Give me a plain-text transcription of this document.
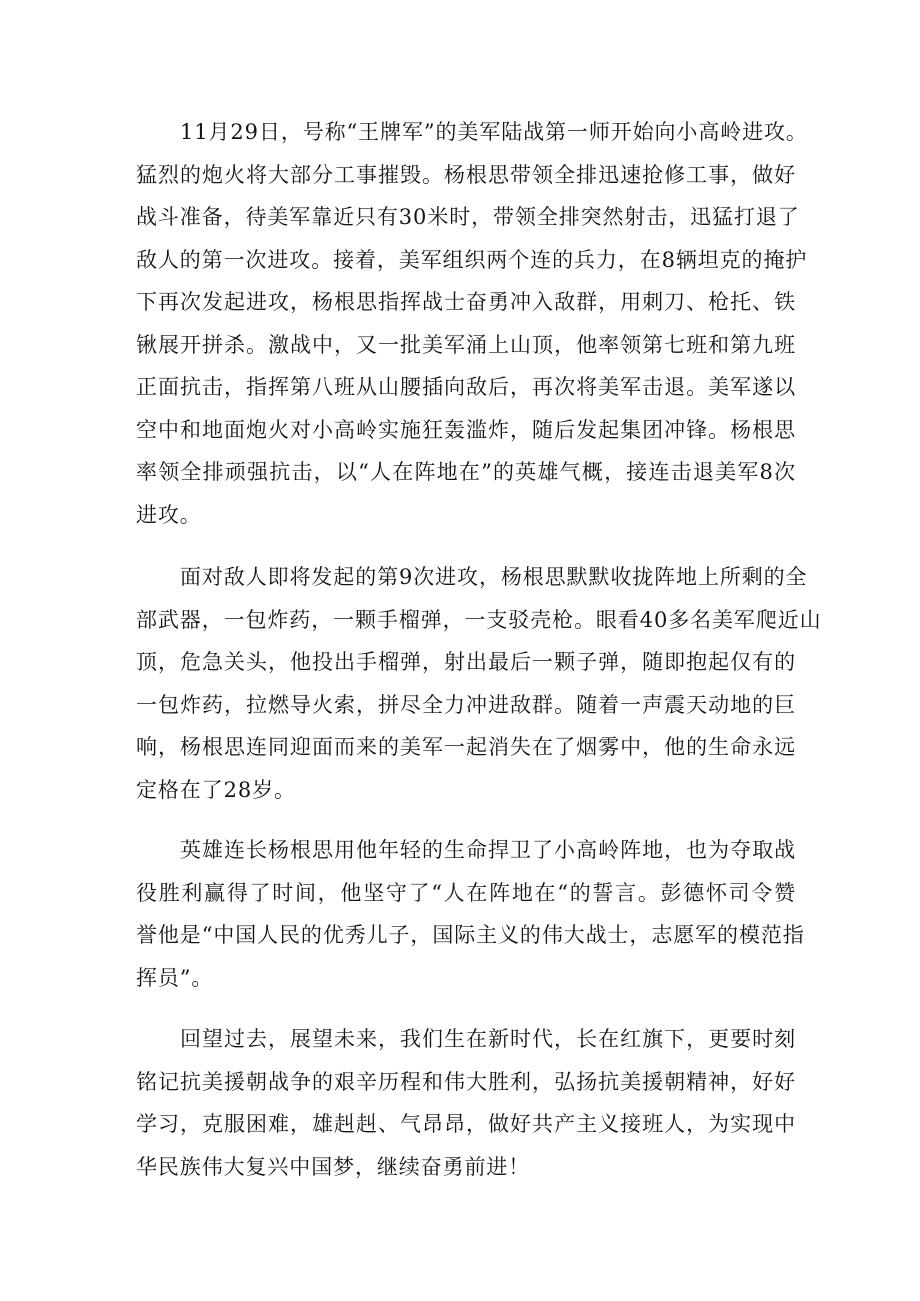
11月29日，号称“王牌军”的美军陆战第一师开始向小高岭进攻。
猛烈的炮火将大部分工事摧毁。杨根思带领全排迅速抢修工事，做好
战斗准备，待美军靠近只有30米时，带领全排突然射击，迅猛打退了
敌人的第一次进攻。接着，美军组织两个连的兵力，在8辆坦克的掩护
下再次发起进攻，杨根思指挥战士奋勇冲入敌群，用刺刀、枪托、铁
锹展开拼杀。激战中，又一批美军涌上山顶，他率领第七班和第九班
正面抗击，指挥第八班从山腰插向敌后，再次将美军击退。美军遂以
空中和地面炮火对小高岭实施狂轰滥炸，随后发起集团冲锋。杨根思
率领全排顽强抗击，以“人在阵地在”的英雄气概，接连击退美军8次
进攻。
面对敌人即将发起的第9次进攻，杨根思默默收拢阵地上所剩的全
部武器，一包炸药，一颗手榴弹，一支驳壳枪。眼看40多名美军爬近山
顶，危急关头，他投出手榴弹，射出最后一颗子弹，随即抱起仅有的
一包炸药，拉燃导火索，拼尽全力冲进敌群。随着一声震天动地的巨
响，杨根思连同迎面而来的美军一起消失在了烟雾中，他的生命永远
定格在了28岁。
英雄连长杨根思用他年轻的生命捍卫了小高岭阵地，也为夺取战
役胜利赢得了时间，他坚守了“人在阵地在“的誓言。彭德怀司令赞
誉他是“中国人民的优秀儿子，国际主义的伟大战士，志愿军的模范指
挥员”。
回望过去，展望未来，我们生在新时代，长在红旗下，更要时刻
铭记抗美援朝战争的艰辛历程和伟大胜利，弘扬抗美援朝精神，好好
学习，克服困难，雄赳赳、气昂昂，做好共产主义接班人，为实现中
华民族伟大复兴中国梦，继续奋勇前进！
